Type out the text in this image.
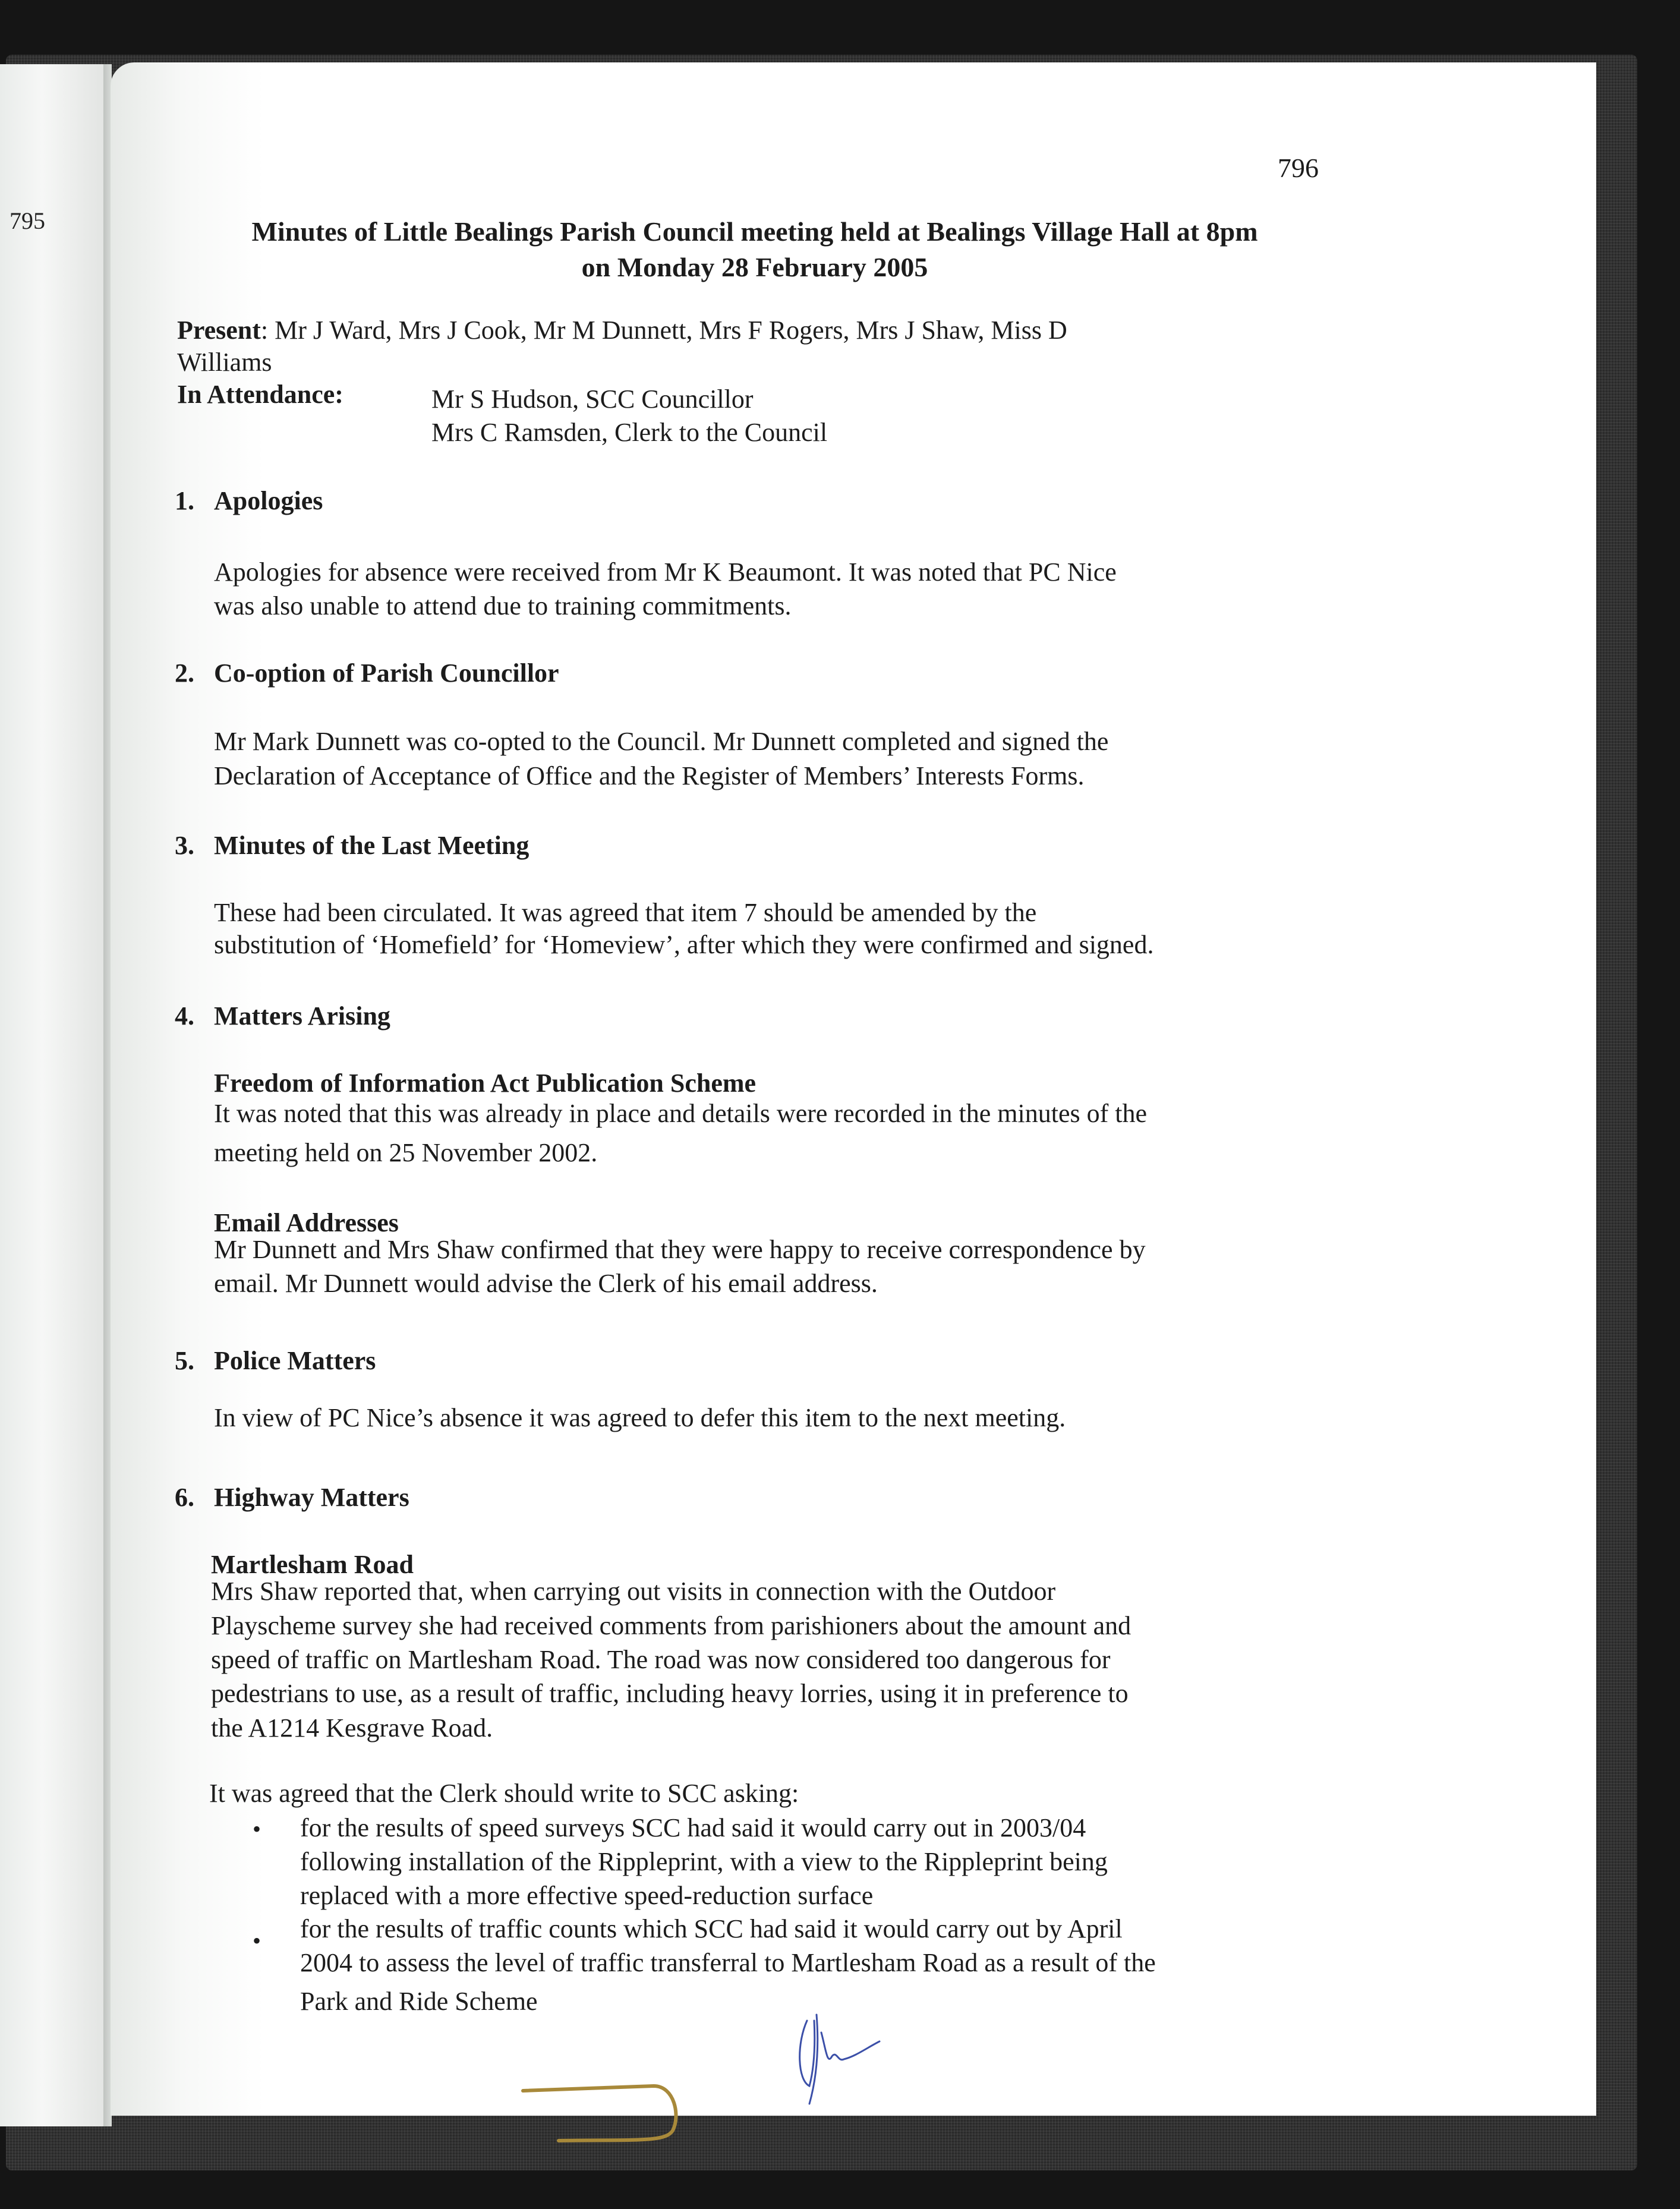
795
796
Minutes of Little Bealings Parish Council meeting held at Bealings Village Hall at 8pm
on Monday 28 February 2005
Present: Mr J Ward, Mrs J Cook, Mr M Dunnett, Mrs F Rogers, Mrs J Shaw, Miss D
Williams
In Attendance:	Mr S Hudson, SCC Councillor
Mrs C Ramsden, Clerk to the Council
1. Apologies
Apologies for absence were received from Mr K Beaumont. It was noted that PC Nice
was also unable to attend due to training commitments.
2. Co-option of Parish Councillor
Mr Mark Dunnett was co-opted to the Council. Mr Dunnett completed and signed the
Declaration of Acceptance of Office and the Register of Members’ Interests Forms.
3. Minutes of the Last Meeting
These had been circulated. It was agreed that item 7 should be amended by the
substitution of ‘Homefield’ for ‘Homeview’, after which they were confirmed and signed.
4. Matters Arising
Freedom of Information Act Publication Scheme
It was noted that this was already in place and details were recorded in the minutes of the
meeting held on 25 November 2002.
Email Addresses
Mr Dunnett and Mrs Shaw confirmed that they were happy to receive correspondence by
email. Mr Dunnett would advise the Clerk of his email address.
5. Police Matters
In view of PC Nice’s absence it was agreed to defer this item to the next meeting.
6. Highway Matters
Martlesham Road
Mrs Shaw reported that, when carrying out visits in connection with the Outdoor
Playscheme survey she had received comments from parishioners about the amount and
speed of traffic on Martlesham Road. The road was now considered too dangerous for
pedestrians to use, as a result of traffic, including heavy lorries, using it in preference to
the A1214 Kesgrave Road.
It was agreed that the Clerk should write to SCC asking:
• for the results of speed surveys SCC had said it would carry out in 2003/04
following installation of the Rippleprint, with a view to the Rippleprint being
replaced with a more effective speed-reduction surface
• for the results of traffic counts which SCC had said it would carry out by April
2004 to assess the level of traffic transferral to Martlesham Road as a result of the
Park and Ride Scheme
